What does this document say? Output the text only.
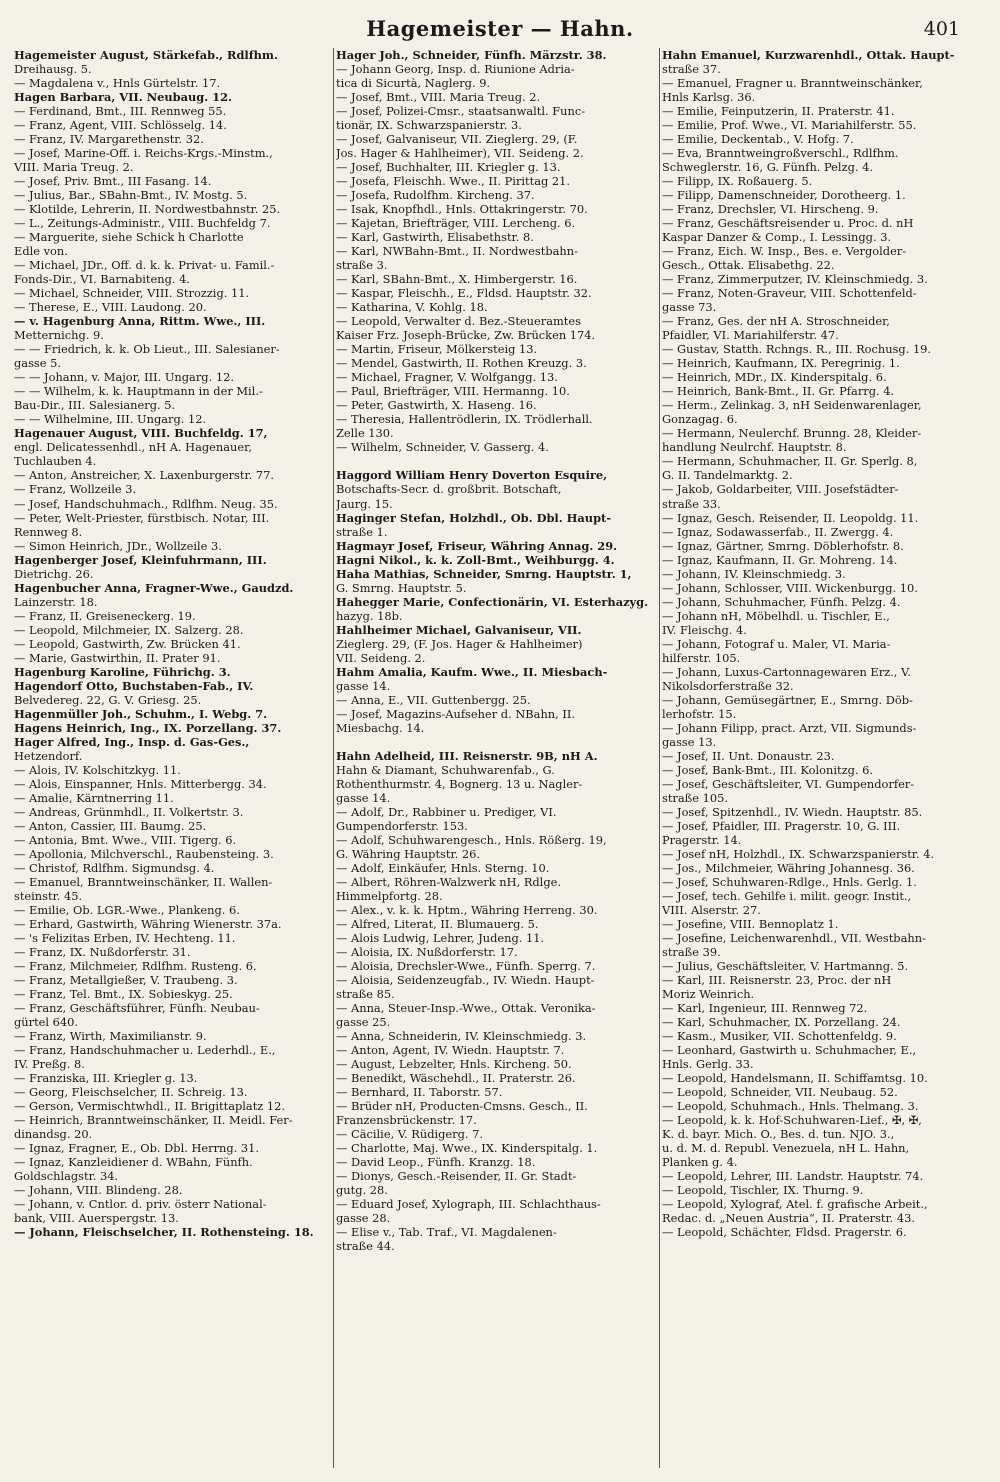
Hagemeister — Hahn.	401
Hagemeister August, Stärkefab., Rdlfhm.
Dreihausg. 5.
— Magdalena v., Hnls Gürtelstr. 17.
Hagen Barbara, VII. Neubaug. 12.
— Ferdinand, Bmt., III. Rennweg 55.
— Franz, Agent, VIII. Schlösselg. 14.
— Franz, IV. Margarethenstr. 32.
— Josef, Marine-Off. i. Reichs-Krgs.-Minstm.,
VIII. Maria Treug. 2.
— Josef, Priv. Bmt., III Fasang. 14.
— Julius, Bar., SBahn-Bmt., IV. Mostg. 5.
— Klotilde, Lehrerin, II. Nordwestbahnstr. 25.
— L., Zeitungs-Administr., VIII. Buchfeldg 7.
— Marguerite, siehe Schick h Charlotte
Edle von.
— Michael, JDr., Off. d. k. k. Privat- u. Famil.-
Fonds-Dir., VI. Barnabiteng. 4.
— Michael, Schneider, VIII. Strozzig. 11.
— Therese, E., VIII. Laudong. 20.
— v. Hagenburg Anna, Rittm. Wwe., III.
Metternichg. 9.
— — Friedrich, k. k. Ob Lieut., III. Salesianer-
gasse 5.
— — Johann, v. Major, III. Ungarg. 12.
— — Wilhelm, k. k. Hauptmann in der Mil.-
Bau-Dir., III. Salesianerg. 5.
— — Wilhelmine, III. Ungarg. 12.
Hagenauer August, VIII. Buchfeldg. 17,
engl. Delicatessenhdl., nH A. Hagenauer,
Tuchlauben 4.
— Anton, Anstreicher, X. Laxenburgerstr. 77.
— Franz, Wollzeile 3.
— Josef, Handschuhmach., Rdlfhm. Neug. 35.
— Peter, Welt-Priester, fürstbisch. Notar, III.
Rennweg 8.
— Simon Heinrich, JDr., Wollzeile 3.
Hagenberger Josef, Kleinfuhrmann, III.
Dietrichg. 26.
Hagenbucher Anna, Fragner-Wwe., Gaudzd.
Lainzerstr. 18.
— Franz, II. Greiseneckerg. 19.
— Leopold, Milchmeier, IX. Salzerg. 28.
— Leopold, Gastwirth, Zw. Brücken 41.
— Marie, Gastwirthin, II. Prater 91.
Hagenburg Karoline, Führichg. 3.
Hagendorf Otto, Buchstaben-Fab., IV.
Belvedereg. 22, G. V. Griesg. 25.
Hagenmüller Joh., Schuhm., I. Webg. 7.
Hagens Heinrich, Ing., IX. Porzellang. 37.
Hager Alfred, Ing., Insp. d. Gas-Ges.,
Hetzendorf.
— Alois, IV. Kolschitzkyg. 11.
— Alois, Einspanner, Hnls. Mitterbergg. 34.
— Amalie, Kärntnerring 11.
— Andreas, Grünmhdl., II. Volkertstr. 3.
— Anton, Cassier, III. Baumg. 25.
— Antonia, Bmt. Wwe., VIII. Tigerg. 6.
— Apollonia, Milchverschl., Raubensteing. 3.
— Christof, Rdlfhm. Sigmundsg. 4.
— Emanuel, Branntweinschänker, II. Wallen-
steinstr. 45.
— Emilie, Ob. LGR.-Wwe., Plankeng. 6.
— Erhard, Gastwirth, Währing Wienerstr. 37a.
— 's Felizitas Erben, IV. Hechteng. 11.
— Franz, IX. Nußdorferstr. 31.
— Franz, Milchmeier, Rdlfhm. Rusteng. 6.
— Franz, Metallgießer, V. Traubeng. 3.
— Franz, Tel. Bmt., IX. Sobieskyg. 25.
— Franz, Geschäftsführer, Fünfh. Neubau-
gürtel 640.
— Franz, Wirth, Maximilianstr. 9.
— Franz, Handschuhmacher u. Lederhdl., E.,
IV. Preßg. 8.
— Franziska, III. Kriegler g. 13.
— Georg, Fleischselcher, II. Schreig. 13.
— Gerson, Vermischtwhdl., II. Brigittaplatz 12.
— Heinrich, Branntweinschänker, II. Meidl. Fer-
dinandsg. 20.
— Ignaz, Fragner, E., Ob. Dbl. Herrng. 31.
— Ignaz, Kanzleidiener d. WBahn, Fünfh.
Goldschlagstr. 34.
— Johann, VIII. Blindeng. 28.
— Johann, v. Cntlor. d. priv. österr National-
bank, VIII. Auerspergstr. 13.
— Johann, Fleischselcher, II. Rothensteing. 18.
Hager Joh., Schneider, Fünfh. Märzstr. 38.
— Johann Georg, Insp. d. Riunione Adria-
tica di Sicurtà, Naglerg. 9.
— Josef, Bmt., VIII. Maria Treug. 2.
— Josef, Polizei-Cmsr., staatsanwaltl. Func-
tionär, IX. Schwarzspanierstr. 3.
— Josef, Galvaniseur, VII. Zieglerg. 29, (F.
Jos. Hager & Hahlheimer), VII. Seideng. 2.
— Josef, Buchhalter, III. Kriegler g. 13.
— Josefa, Fleischh. Wwe., II. Pirittag 21.
— Josefa, Rudolfhm. Kircheng. 37.
— Isak, Knopfhdl., Hnls. Ottakringerstr. 70.
— Kajetan, Briefträger, VIII. Lercheng. 6.
— Karl, Gastwirth, Elisabethstr. 8.
— Karl, NWBahn-Bmt., II. Nordwestbahn-
straße 3.
— Karl, SBahn-Bmt., X. Himbergerstr. 16.
— Kaspar, Fleischh., E., Fldsd. Hauptstr. 32.
— Katharina, V. Kohlg. 18.
— Leopold, Verwalter d. Bez.-Steueramtes
Kaiser Frz. Joseph-Brücke, Zw. Brücken 174.
— Martin, Friseur, Mölkersteig 13.
— Mendel, Gastwirth, II. Rothen Kreuzg. 3.
— Michael, Fragner, V. Wolfgangg. 13.
— Paul, Briefträger, VIII. Hermanng. 10.
— Peter, Gastwirth, X. Haseng. 16.
— Theresia, Hallentrödlerin, IX. Trödlerhall.
Zelle 130.
— Wilhelm, Schneider, V. Gasserg. 4.

Haggord William Henry Doverton Esquire,
Botschafts-Secr. d. großbrit. Botschaft,
Jaurg. 15.
Haginger Stefan, Holzhdl., Ob. Dbl. Haupt-
straße 1.
Hagmayr Josef, Friseur, Währing Annag. 29.
Hagni Nikol., k. k. Zoll-Bmt., Weihburgg. 4.
Haha Mathias, Schneider, Smrng. Hauptstr. 1,
G. Smrng. Hauptstr. 5.
Hahegger Marie, Confectionärin, VI. Esterhazyg.
hazyg. 18b.
Hahlheimer Michael, Galvaniseur, VII.
Zieglerg. 29, (F. Jos. Hager & Hahlheimer)
VII. Seideng. 2.
Hahm Amalia, Kaufm. Wwe., II. Miesbach-
gasse 14.
— Anna, E., VII. Guttenbergg. 25.
— Josef, Magazins-Aufseher d. NBahn, II.
Miesbachg. 14.

Hahn Adelheid, III. Reisnerstr. 9B, nH A.
Hahn & Diamant, Schuhwarenfab., G.
Rothenthurmstr. 4, Bognerg. 13 u. Nagler-
gasse 14.
— Adolf, Dr., Rabbiner u. Prediger, VI.
Gumpendorferstr. 153.
— Adolf, Schuhwarengesch., Hnls. Rößerg. 19,
G. Währing Hauptstr. 26.
— Adolf, Einkäufer, Hnls. Sterng. 10.
— Albert, Röhren-Walzwerk nH, Rdlge.
Himmelpfortg. 28.
— Alex., v. k. k. Hptm., Währing Herreng. 30.
— Alfred, Literat, II. Blumauerg. 5.
— Alois Ludwig, Lehrer, Judeng. 11.
— Aloisia, IX. Nußdorferstr. 17.
— Aloisia, Drechsler-Wwe., Fünfh. Sperrg. 7.
— Aloisia, Seidenzeugfab., IV. Wiedn. Haupt-
straße 85.
— Anna, Steuer-Insp.-Wwe., Ottak. Veronika-
gasse 25.
— Anna, Schneiderin, IV. Kleinschmiedg. 3.
— Anton, Agent, IV. Wiedn. Hauptstr. 7.
— August, Lebzelter, Hnls. Kircheng. 50.
— Benedikt, Wäschehdl., II. Praterstr. 26.
— Bernhard, II. Taborstr. 57.
— Brüder nH, Producten-Cmsns. Gesch., II.
Franzensbrückenstr. 17.
— Cäcilie, V. Rüdigerg. 7.
— Charlotte, Maj. Wwe., IX. Kinderspitalg. 1.
— David Leop., Fünfh. Kranzg. 18.
— Dionys, Gesch.-Reisender, II. Gr. Stadt-
gutg. 28.
— Eduard Josef, Xylograph, III. Schlachthaus-
gasse 28.
— Elise v., Tab. Traf., VI. Magdalenen-
straße 44.
Hahn Emanuel, Kurzwarenhdl., Ottak. Haupt-
straße 37.
— Emanuel, Fragner u. Branntweinschänker,
Hnls Karlsg. 36.
— Emilie, Feinputzerin, II. Praterstr. 41.
— Emilie, Prof. Wwe., VI. Mariahilferstr. 55.
— Emilie, Deckentab., V. Hofg. 7.
— Eva, Branntweingroßverschl., Rdlfhm.
Schweglerstr. 16, G. Fünfh. Pelzg. 4.
— Filipp, IX. Roßauerg. 5.
— Filipp, Damenschneider, Dorotheerg. 1.
— Franz, Drechsler, VI. Hirscheng. 9.
— Franz, Geschäftsreisender u. Proc. d. nH
Kaspar Danzer & Comp., I. Lessingg. 3.
— Franz, Eich. W. Insp., Bes. e. Vergolder-
Gesch., Ottak. Elisabethg. 22.
— Franz, Zimmerputzer, IV. Kleinschmiedg. 3.
— Franz, Noten-Graveur, VIII. Schottenfeld-
gasse 73.
— Franz, Ges. der nH A. Stroschneider,
Pfaidler, VI. Mariahilferstr. 47.
— Gustav, Statth. Rchngs. R., III. Rochusg. 19.
— Heinrich, Kaufmann, IX. Peregrinig. 1.
— Heinrich, MDr., IX. Kinderspitalg. 6.
— Heinrich, Bank-Bmt., II. Gr. Pfarrg. 4.
— Herm., Zelinkag. 3, nH Seidenwarenlager,
Gonzagag. 6.
— Hermann, Neulerchf. Brunng. 28, Kleider-
handlung Neulrchf. Hauptstr. 8.
— Hermann, Schuhmacher, II. Gr. Sperlg. 8,
G. II. Tandelmarktg. 2.
— Jakob, Goldarbeiter, VIII. Josefstädter-
straße 33.
— Ignaz, Gesch. Reisender, II. Leopoldg. 11.
— Ignaz, Sodawasserfab., II. Zwergg. 4.
— Ignaz, Gärtner, Smrng. Döblerhofstr. 8.
— Ignaz, Kaufmann, II. Gr. Mohreng. 14.
— Johann, IV. Kleinschmiedg. 3.
— Johann, Schlosser, VIII. Wickenburgg. 10.
— Johann, Schuhmacher, Fünfh. Pelzg. 4.
— Johann nH, Möbelhdl. u. Tischler, E.,
IV. Fleischg. 4.
— Johann, Fotograf u. Maler, VI. Maria-
hilferstr. 105.
— Johann, Luxus-Cartonnagewaren Erz., V.
Nikolsdorferstraße 32.
— Johann, Gemüsegärtner, E., Smrng. Döb-
lerhofstr. 15.
— Johann Filipp, pract. Arzt, VII. Sigmunds-
gasse 13.
— Josef, II. Unt. Donaustr. 23.
— Josef, Bank-Bmt., III. Kolonitzg. 6.
— Josef, Geschäftsleiter, VI. Gumpendorfer-
straße 105.
— Josef, Spitzenhdl., IV. Wiedn. Hauptstr. 85.
— Josef, Pfaidler, III. Pragerstr. 10, G. III.
Pragerstr. 14.
— Josef nH, Holzhdl., IX. Schwarzspanierstr. 4.
— Jos., Milchmeier, Währing Johannesg. 36.
— Josef, Schuhwaren-Rdlge., Hnls. Gerlg. 1.
— Josef, tech. Gehilfe i. milit. geogr. Instit.,
VIII. Alserstr. 27.
— Josefine, VIII. Bennoplatz 1.
— Josefine, Leichenwarenhdl., VII. Westbahn-
straße 39.
— Julius, Geschäftsleiter, V. Hartmanng. 5.
— Karl, III. Reisnerstr. 23, Proc. der nH
Moriz Weinrich.
— Karl, Ingenieur, III. Rennweg 72.
— Karl, Schuhmacher, IX. Porzellang. 24.
— Kasm., Musiker, VII. Schottenfeldg. 9.
— Leonhard, Gastwirth u. Schuhmacher, E.,
Hnls. Gerlg. 33.
— Leopold, Handelsmann, II. Schiffamtsg. 10.
— Leopold, Schneider, VII. Neubaug. 52.
— Leopold, Schuhmach., Hnls. Thelmang. 3.
— Leopold, k. k. Hof-Schuhwaren-Lief., ✠, ✠,
K. d. bayr. Mich. O., Bes. d. tun. NJO. 3.,
u. d. M. d. Republ. Venezuela, nH L. Hahn,
Planken g. 4.
— Leopold, Lehrer, III. Landstr. Hauptstr. 74.
— Leopold, Tischler, IX. Thurng. 9.
— Leopold, Xylograf, Atel. f. grafische Arbeit.,
Redac. d. „Neuen Austria“, II. Praterstr. 43.
— Leopold, Schächter, Fldsd. Pragerstr. 6.
